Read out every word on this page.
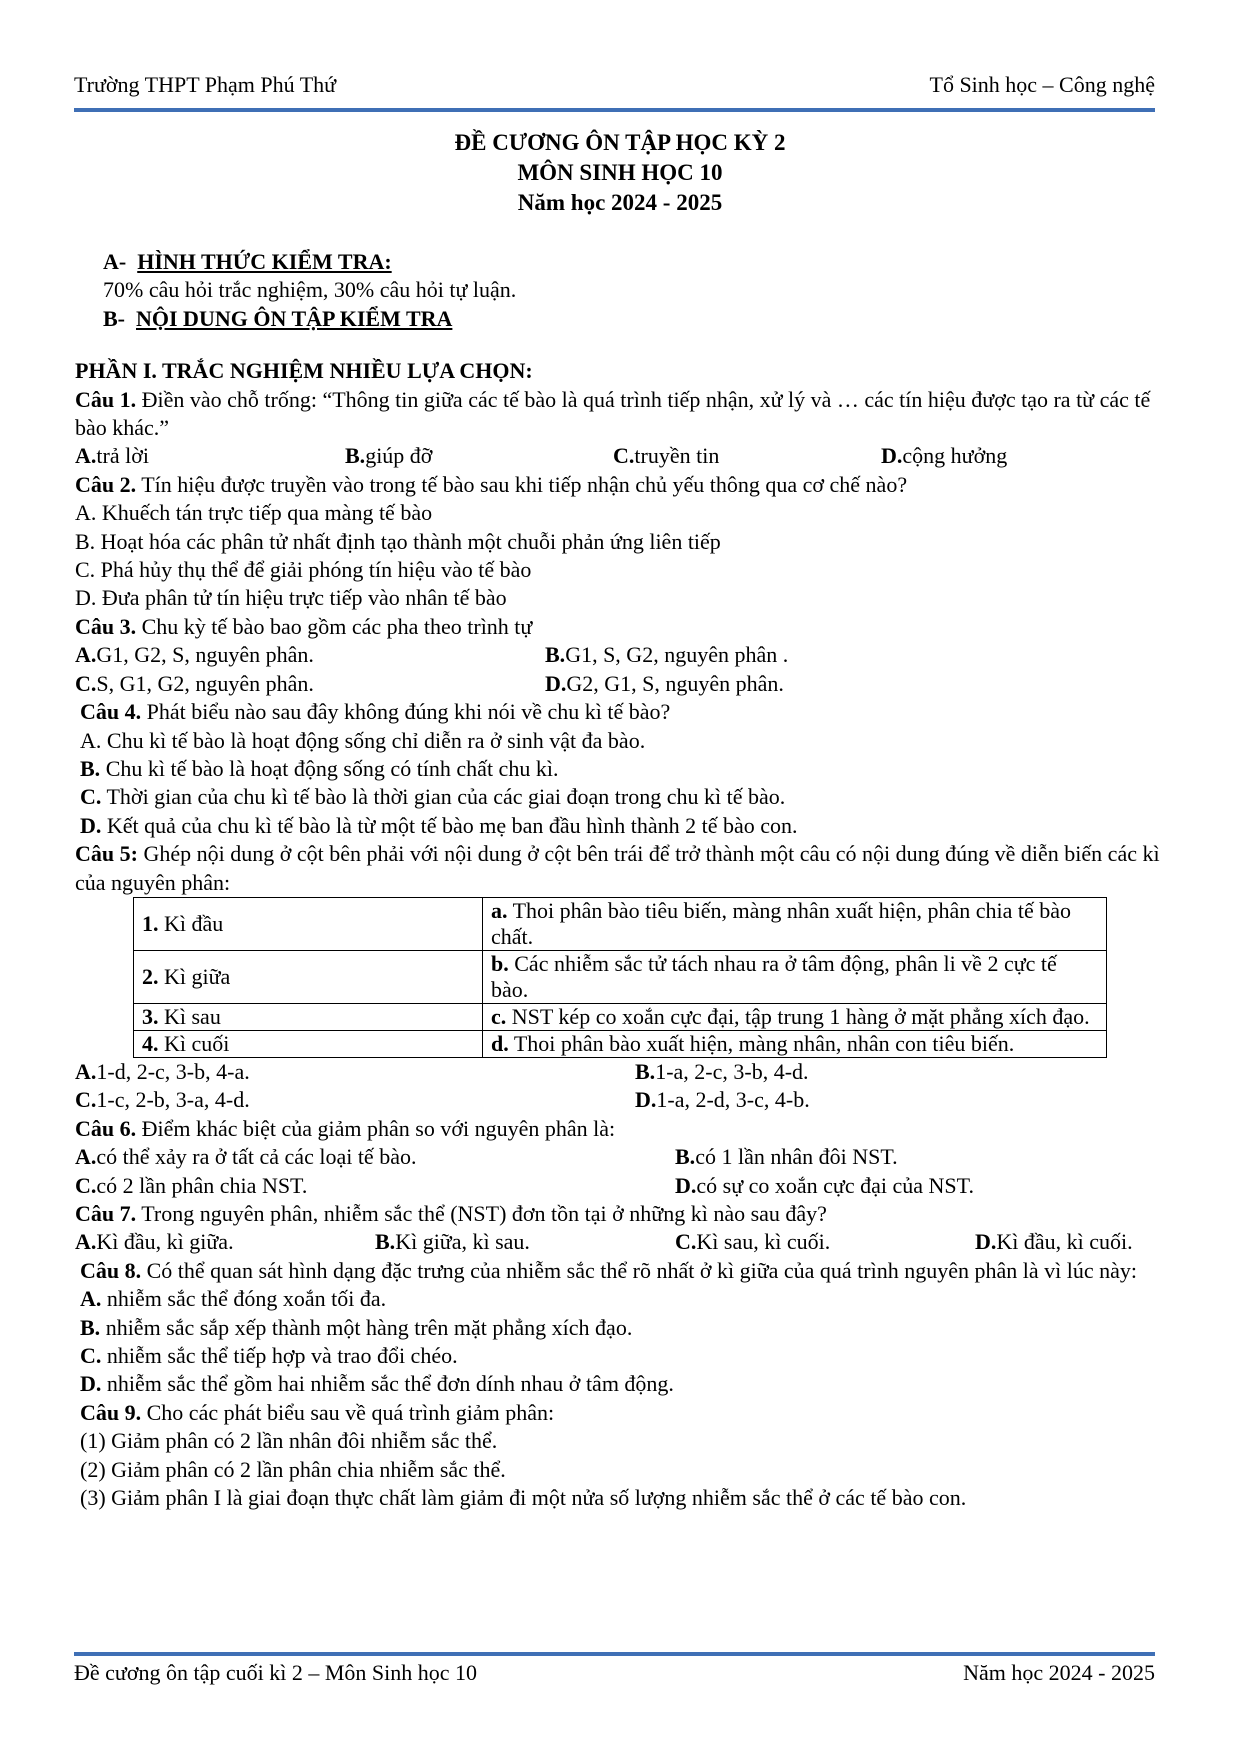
Trường THPT Phạm Phú Thứ	Tổ Sinh học – Công nghệ
ĐỀ CƯƠNG ÔN TẬP HỌC KỲ 2
MÔN SINH HỌC 10
Năm học 2024 - 2025
A- HÌNH THỨC KIỂM TRA:
70% câu hỏi trắc nghiệm, 30% câu hỏi tự luận.
B- NỘI DUNG ÔN TẬP KIỂM TRA
PHẦN I. TRẮC NGHIỆM NHIỀU LỰA CHỌN:
Câu 1. Điền vào chỗ trống: “Thông tin giữa các tế bào là quá trình tiếp nhận, xử lý và … các tín hiệu được tạo ra từ các tế bào khác.”
A.trả lời	B.giúp đỡ	C.truyền tin	D.cộng hưởng
Câu 2. Tín hiệu được truyền vào trong tế bào sau khi tiếp nhận chủ yếu thông qua cơ chế nào?
A. Khuếch tán trực tiếp qua màng tế bào
B. Hoạt hóa các phân tử nhất định tạo thành một chuỗi phản ứng liên tiếp
C. Phá hủy thụ thể để giải phóng tín hiệu vào tế bào
D. Đưa phân tử tín hiệu trực tiếp vào nhân tế bào
Câu 3. Chu kỳ tế bào bao gồm các pha theo trình tự
A.G1, G2, S, nguyên phân.	B.G1, S, G2, nguyên phân .
C.S, G1, G2, nguyên phân.	D.G2, G1, S, nguyên phân.
Câu 4. Phát biểu nào sau đây không đúng khi nói về chu kì tế bào?
A. Chu kì tế bào là hoạt động sống chỉ diễn ra ở sinh vật đa bào.
B. Chu kì tế bào là hoạt động sống có tính chất chu kì.
C. Thời gian của chu kì tế bào là thời gian của các giai đoạn trong chu kì tế bào.
D. Kết quả của chu kì tế bào là từ một tế bào mẹ ban đầu hình thành 2 tế bào con.
Câu 5: Ghép nội dung ở cột bên phải với nội dung ở cột bên trái để trở thành một câu có nội dung đúng về diễn biến các kì của nguyên phân:
1. Kì đầu	a. Thoi phân bào tiêu biến, màng nhân xuất hiện, phân chia tế bào chất.
2. Kì giữa	b. Các nhiễm sắc tử tách nhau ra ở tâm động, phân li về 2 cực tế bào.
3. Kì sau	c. NST kép co xoắn cực đại, tập trung 1 hàng ở mặt phẳng xích đạo.
4. Kì cuối	d. Thoi phân bào xuất hiện, màng nhân, nhân con tiêu biến.
A.1-d, 2-c, 3-b, 4-a.	B.1-a, 2-c, 3-b, 4-d.
C.1-c, 2-b, 3-a, 4-d.	D.1-a, 2-d, 3-c, 4-b.
Câu 6. Điểm khác biệt của giảm phân so với nguyên phân là:
A.có thể xảy ra ở tất cả các loại tế bào.	B.có 1 lần nhân đôi NST.
C.có 2 lần phân chia NST.	D.có sự co xoắn cực đại của NST.
Câu 7. Trong nguyên phân, nhiễm sắc thể (NST) đơn tồn tại ở những kì nào sau đây?
A.Kì đầu, kì giữa.	B.Kì giữa, kì sau.	C.Kì sau, kì cuối.	D.Kì đầu, kì cuối.
Câu 8. Có thể quan sát hình dạng đặc trưng của nhiễm sắc thể rõ nhất ở kì giữa của quá trình nguyên phân là vì lúc này:
A. nhiễm sắc thể đóng xoắn tối đa.
B. nhiễm sắc sắp xếp thành một hàng trên mặt phẳng xích đạo.
C. nhiễm sắc thể tiếp hợp và trao đổi chéo.
D. nhiễm sắc thể gồm hai nhiễm sắc thể đơn dính nhau ở tâm động.
Câu 9. Cho các phát biểu sau về quá trình giảm phân:
(1) Giảm phân có 2 lần nhân đôi nhiễm sắc thể.
(2) Giảm phân có 2 lần phân chia nhiễm sắc thể.
(3) Giảm phân I là giai đoạn thực chất làm giảm đi một nửa số lượng nhiễm sắc thể ở các tế bào con.
Đề cương ôn tập cuối kì 2 – Môn Sinh học 10	Năm học 2024 - 2025
